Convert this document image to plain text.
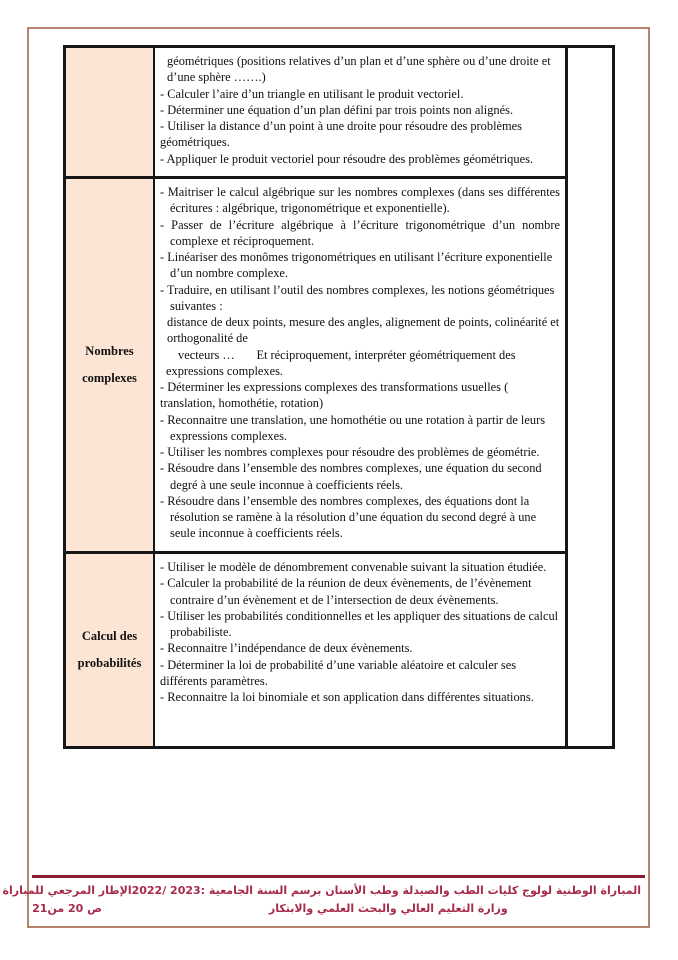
géométriques (positions relatives d’un plan et d’une sphère ou d’une droite et d’une sphère …….)

- Calculer l’aire d’un triangle en utilisant le produit vectoriel.

- Déterminer une équation d’un plan défini par trois points non alignés.

- Utiliser la distance d’un point à une droite pour résoudre des problèmes géométriques.

- Appliquer le produit vectoriel pour résoudre des problèmes géométriques.

Nombres complexes

- Maitriser le calcul algébrique sur les nombres complexes (dans ses différentes écritures : algébrique, trigonométrique et exponentielle).

- Passer de l’écriture algébrique à l’écriture trigonométrique d’un nombre complexe et réciproquement.

- Linéariser des monômes trigonométriques en utilisant l’écriture exponentielle d’un nombre complexe.

- Traduire, en utilisant l’outil des nombres complexes, les notions géométriques suivantes :

distance de deux points, mesure des angles, alignement de points, colinéarité et orthogonalité de

vecteurs …       Et réciproquement, interpréter géométriquement des expressions complexes.

- Déterminer les expressions complexes des transformations usuelles ( translation, homothétie, rotation)

- Reconnaitre une translation, une homothétie ou une rotation à partir de leurs expressions complexes.

- Utiliser les nombres complexes pour résoudre des problèmes de géométrie.

- Résoudre dans l’ensemble des nombres complexes, une équation du second degré à une seule inconnue à coefficients réels.

- Résoudre dans l’ensemble des nombres complexes, des équations dont la résolution se ramène à la résolution d’une équation du second degré à une seule inconnue à coefficients réels.

Calcul des probabilités

- Utiliser le modèle de dénombrement convenable suivant la situation étudiée.

- Calculer la probabilité de la réunion de deux évènements, de l’évènement contraire d’un évènement et de l’intersection de deux évènements.

- Utiliser les probabilités conditionnelles et les appliquer des situations de calcul probabiliste.

- Reconnaitre l’indépendance de deux évènements.

- Déterminer la loi de probabilité d’une variable aléatoire et calculer ses différents paramètres.

- Reconnaitre la loi binomiale et son application dans différentes situations.

المباراة الوطنية لولوج كليات الطب والصيدلة وطب الأسنان برسم السنة الجامعية 2022/ 2023:
وزارة التعليم العالي والبحث العلمي والابتكار
الإطار المرجعي للمباراة
ص 20 من21
